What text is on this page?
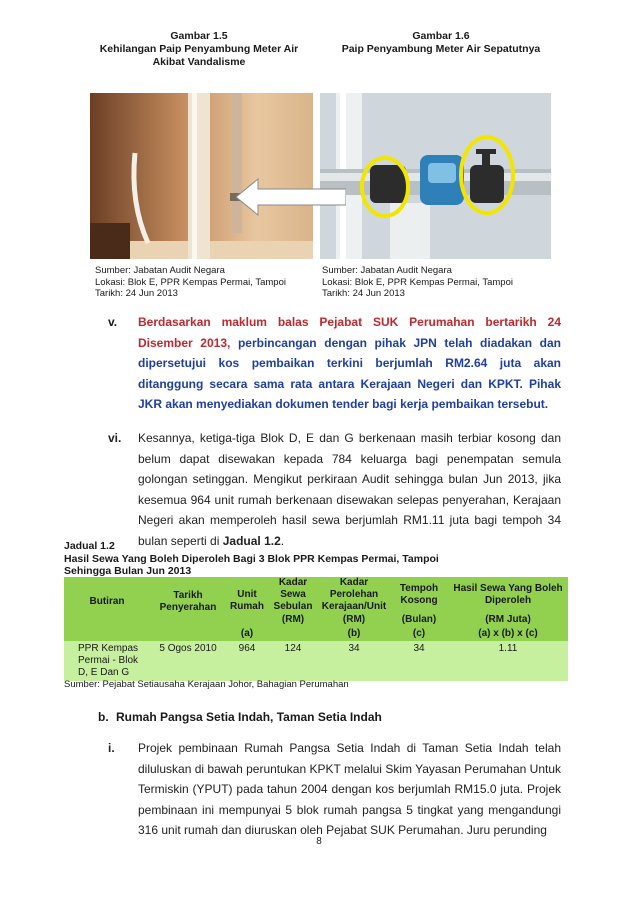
Gambar 1.5
Kehilangan Paip Penyambung Meter Air Akibat Vandalisme
Gambar 1.6
Paip Penyambung Meter Air Sepatutnya
Sumber: Jabatan Audit Negara
Lokasi: Blok E, PPR Kempas Permai, Tampoi
Tarikh: 24 Jun 2013
Sumber: Jabatan Audit Negara
Lokasi: Blok E, PPR Kempas Permai, Tampoi
Tarikh: 24 Jun 2013
v. Berdasarkan maklum balas Pejabat SUK Perumahan bertarikh 24 Disember 2013, perbincangan dengan pihak JPN telah diadakan dan dipersetujui kos pembaikan terkini berjumlah RM2.64 juta akan ditanggung secara sama rata antara Kerajaan Negeri dan KPKT. Pihak JKR akan menyediakan dokumen tender bagi kerja pembaikan tersebut.
vi. Kesannya, ketiga-tiga Blok D, E dan G berkenaan masih terbiar kosong dan belum dapat disewakan kepada 784 keluarga bagi penempatan semula golongan setinggan. Mengikut perkiraan Audit sehingga bulan Jun 2013, jika kesemua 964 unit rumah berkenaan disewakan selepas penyerahan, Kerajaan Negeri akan memperoleh hasil sewa berjumlah RM1.11 juta bagi tempoh 34 bulan seperti di Jadual 1.2.
Jadual 1.2
Hasil Sewa Yang Boleh Diperoleh Bagi 3 Blok PPR Kempas Permai, Tampoi
Sehingga Bulan Jun 2013
Butiran	Tarikh Penyerahan	Unit Rumah	Kadar Sewa Sebulan	Kadar Perolehan Kerajaan/Unit	Tempoh Kosong	Hasil Sewa Yang Boleh Diperoleh
			(RM)	(RM)	(Bulan)	(RM Juta)
		(a)		(b)	(c)	(a) x (b) x (c)
PPR Kempas Permai - Blok D, E Dan G	5 Ogos 2010	964	124	34	34	1.11
Sumber: Pejabat Setiausaha Kerajaan Johor, Bahagian Perumahan
b. Rumah Pangsa Setia Indah, Taman Setia Indah
i. Projek pembinaan Rumah Pangsa Setia Indah di Taman Setia Indah telah diluluskan di bawah peruntukan KPKT melalui Skim Yayasan Perumahan Untuk Termiskin (YPUT) pada tahun 2004 dengan kos berjumlah RM15.0 juta. Projek pembinaan ini mempunyai 5 blok rumah pangsa 5 tingkat yang mengandungi 316 unit rumah dan diuruskan oleh Pejabat SUK Perumahan. Juru perunding
8
